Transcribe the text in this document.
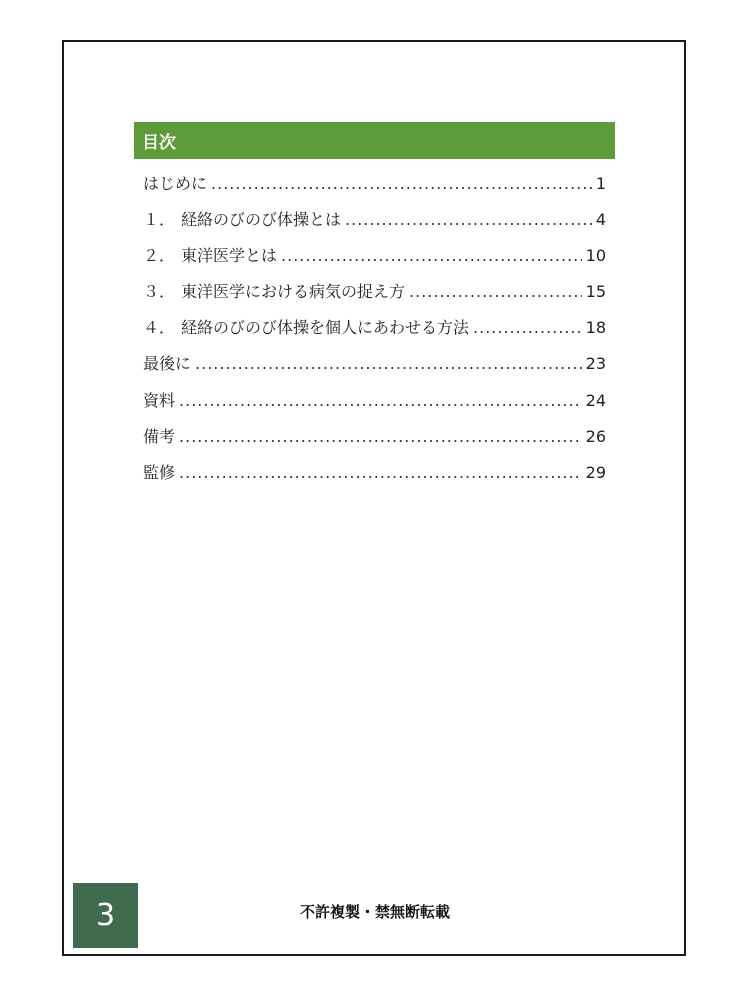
目次
はじめに .....	1
１． 経絡のびのび体操とは .....	4
２． 東洋医学とは .....	10
３． 東洋医学における病気の捉え方 .....	15
４． 経絡のびのび体操を個人にあわせる方法 .....	18
最後に .....	23
資料 .....	24
備考 .....	26
監修 .....	29
3	不許複製・禁無断転載
